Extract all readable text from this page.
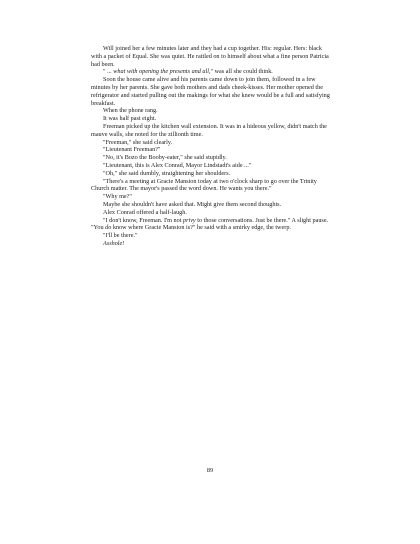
Will joined her a few minutes later and they had a cup together. His: regular. Hers: black with a packet of Equal. She was quiet. He rattled on to himself about what a fine person Patricia had been.

" ... what with opening the presents and all," was all she could think.

Soon the house came alive and his parents came down to join them, followed in a few minutes by her parents. She gave both mothers and dads cheek-kisses. Her mother opened the refrigerator and started pulling out the makings for what she knew would be a full and satisfying breakfast.

When the phone rang.

It was half past eight.

Freeman picked up the kitchen wall extension. It was in a hideous yellow, didn't match the mauve walls, she noted for the zillionth time.

"Freeman," she said clearly.

"Lieutenant Freeman?"

"No, it's Bozo the Booby-eater," she said stupidly.

"Lieutenant, this is Alex Conrad, Mayor Lindstadt's aide ..."

"Oh," she said dumbly, straightening her shoulders.

"There's a meeting at Gracie Mansion today at two o'clock sharp to go over the Trinity Church matter. The mayor's passed the word down. He wants you there."

"Why me?"

Maybe she shouldn't have asked that. Might give them second thoughts.

Alex Conrad offered a half-laugh.

"I don't know, Freeman. I'm not privy to those conversations. Just be there." A slight pause. "You do know where Gracie Mansion is?" he said with a smirky edge, the twerp.

"I'll be there."

Asshole!

89
